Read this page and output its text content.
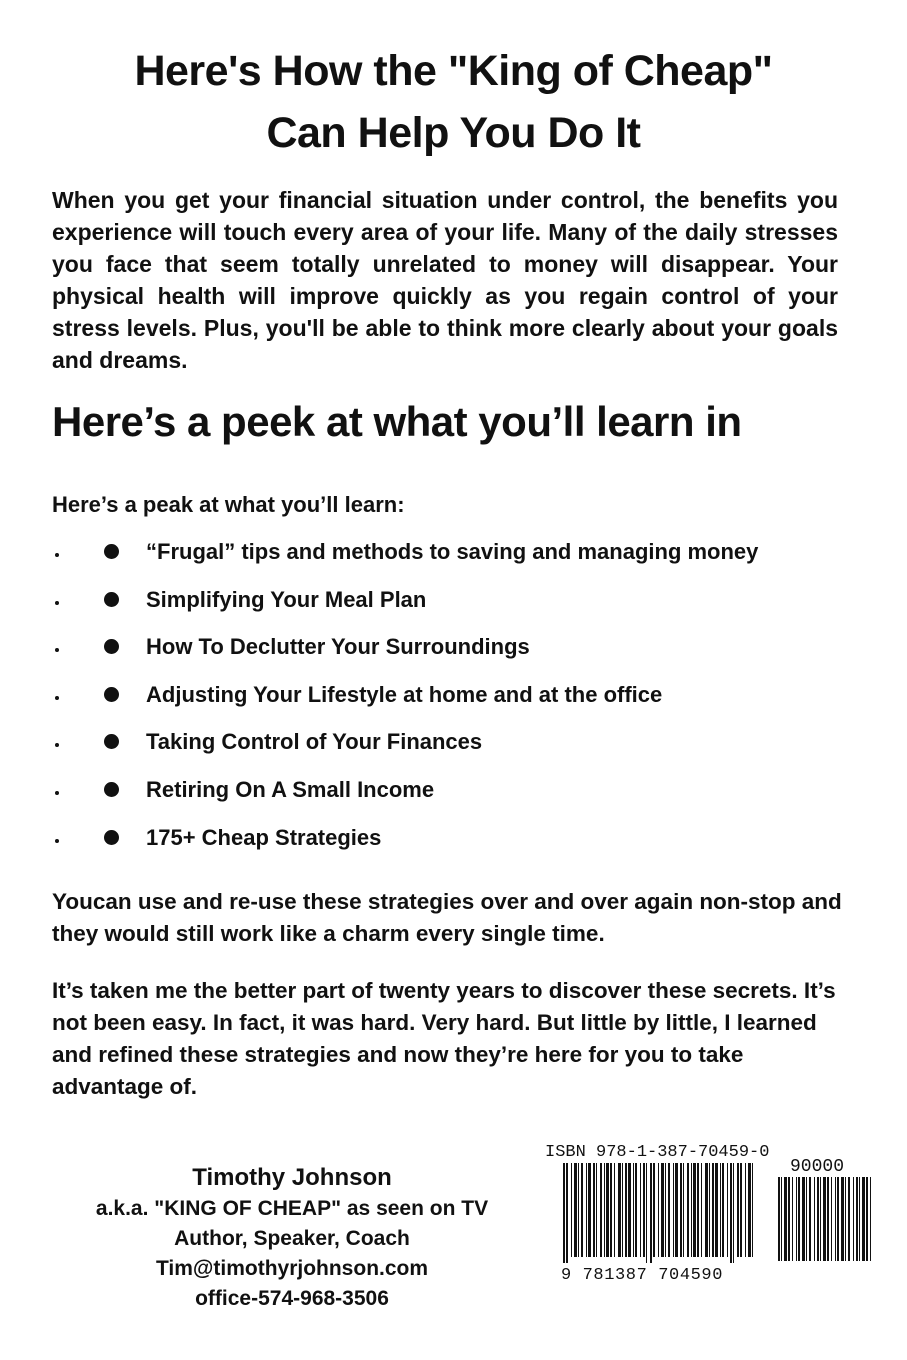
Here's How the "King of Cheap"
Can Help You Do It

When you get your financial situation under control, the benefits you experience will touch every area of your life. Many of the daily stresses you face that seem totally unrelated to money will disappear. Your physical health will improve quickly as you regain control of your stress levels. Plus, you'll be able to think more clearly about your goals and dreams.

Here’s a peek at what you’ll learn in
Here’s a peak at what you’ll learn:
“Frugal” tips and methods to saving and managing money
Simplifying Your Meal Plan
How To Declutter Your Surroundings
Adjusting Your Lifestyle at home and at the office
Taking Control of Your Finances
Retiring On A Small Income
175+ Cheap Strategies

Youcan use and re-use these strategies over and over again non-stop and they would still work like a charm every single time.

It’s taken me the better part of twenty years to discover these secrets. It’s not been easy. In fact, it was hard. Very hard. But little by little, I learned and refined these strategies and now they’re here for you to take advantage of.

Timothy Johnson
a.k.a. "KING OF CHEAP" as seen on TV
Author, Speaker, Coach
Tim@timothyrjohnson.com
office-574-968-3506
ISBN 978-1-387-70459-0
90000
9 781387 704590
